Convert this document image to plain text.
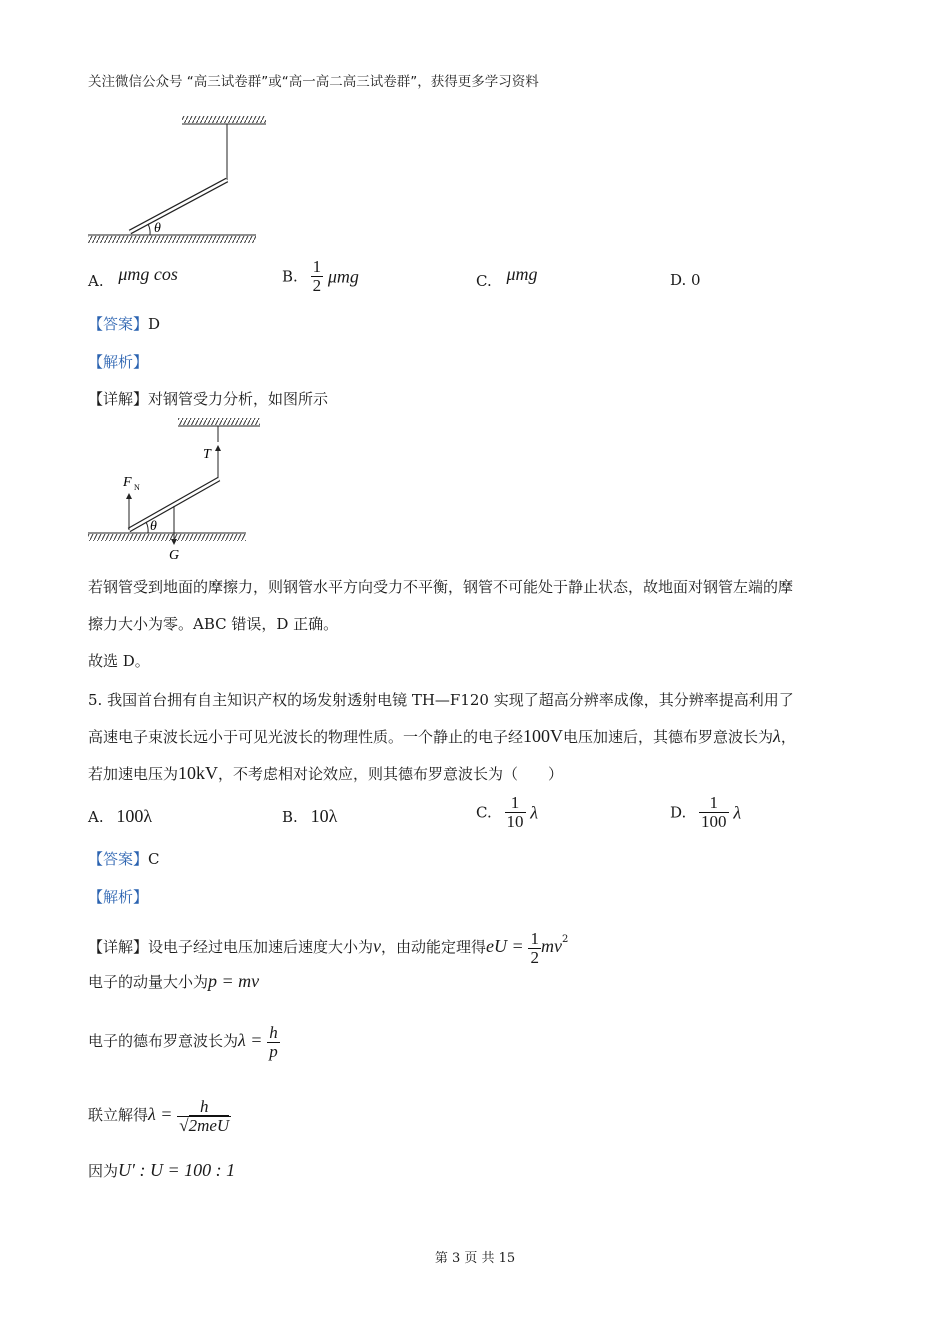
关注微信公众号 “高三试卷群”或“高一高二高三试卷群”，获得更多学习资料
θ
A. μmg cos	B. $\frac{1}{2}$ μmg	C. μmg	D. 0
【答案】D
【解析】
【详解】对钢管受力分析，如图所示
T
F N
G
θ
若钢管受到地面的摩擦力，则钢管水平方向受力不平衡，钢管不可能处于静止状态，故地面对钢管左端的摩
擦力大小为零。ABC 错误，D 正确。
故选 D。
5. 我国首台拥有自主知识产权的场发射透射电镜 TH—F120 实现了超高分辨率成像，其分辨率提高利用了
高速电子束波长远小于可见光波长的物理性质。一个静止的电子经100V电压加速后，其德布罗意波长为λ，
若加速电压为10kV，不考虑相对论效应，则其德布罗意波长为（　　）
A. 100λ	B. 10λ	C. $\frac{1}{10}$ λ	D. $\frac{1}{100}$ λ
【答案】C
【解析】
【详解】设电子经过电压加速后速度大小为v，由动能定理得eU = $\frac{1}{2} mv^2$
电子的动量大小为p = mv
电子的德布罗意波长为$\lambda = \frac{h}{p}$
联立解得$\lambda = \frac{h}{\text{√2meU}}$
因为U′ : U = 100 : 1
第 3 页 共 15
